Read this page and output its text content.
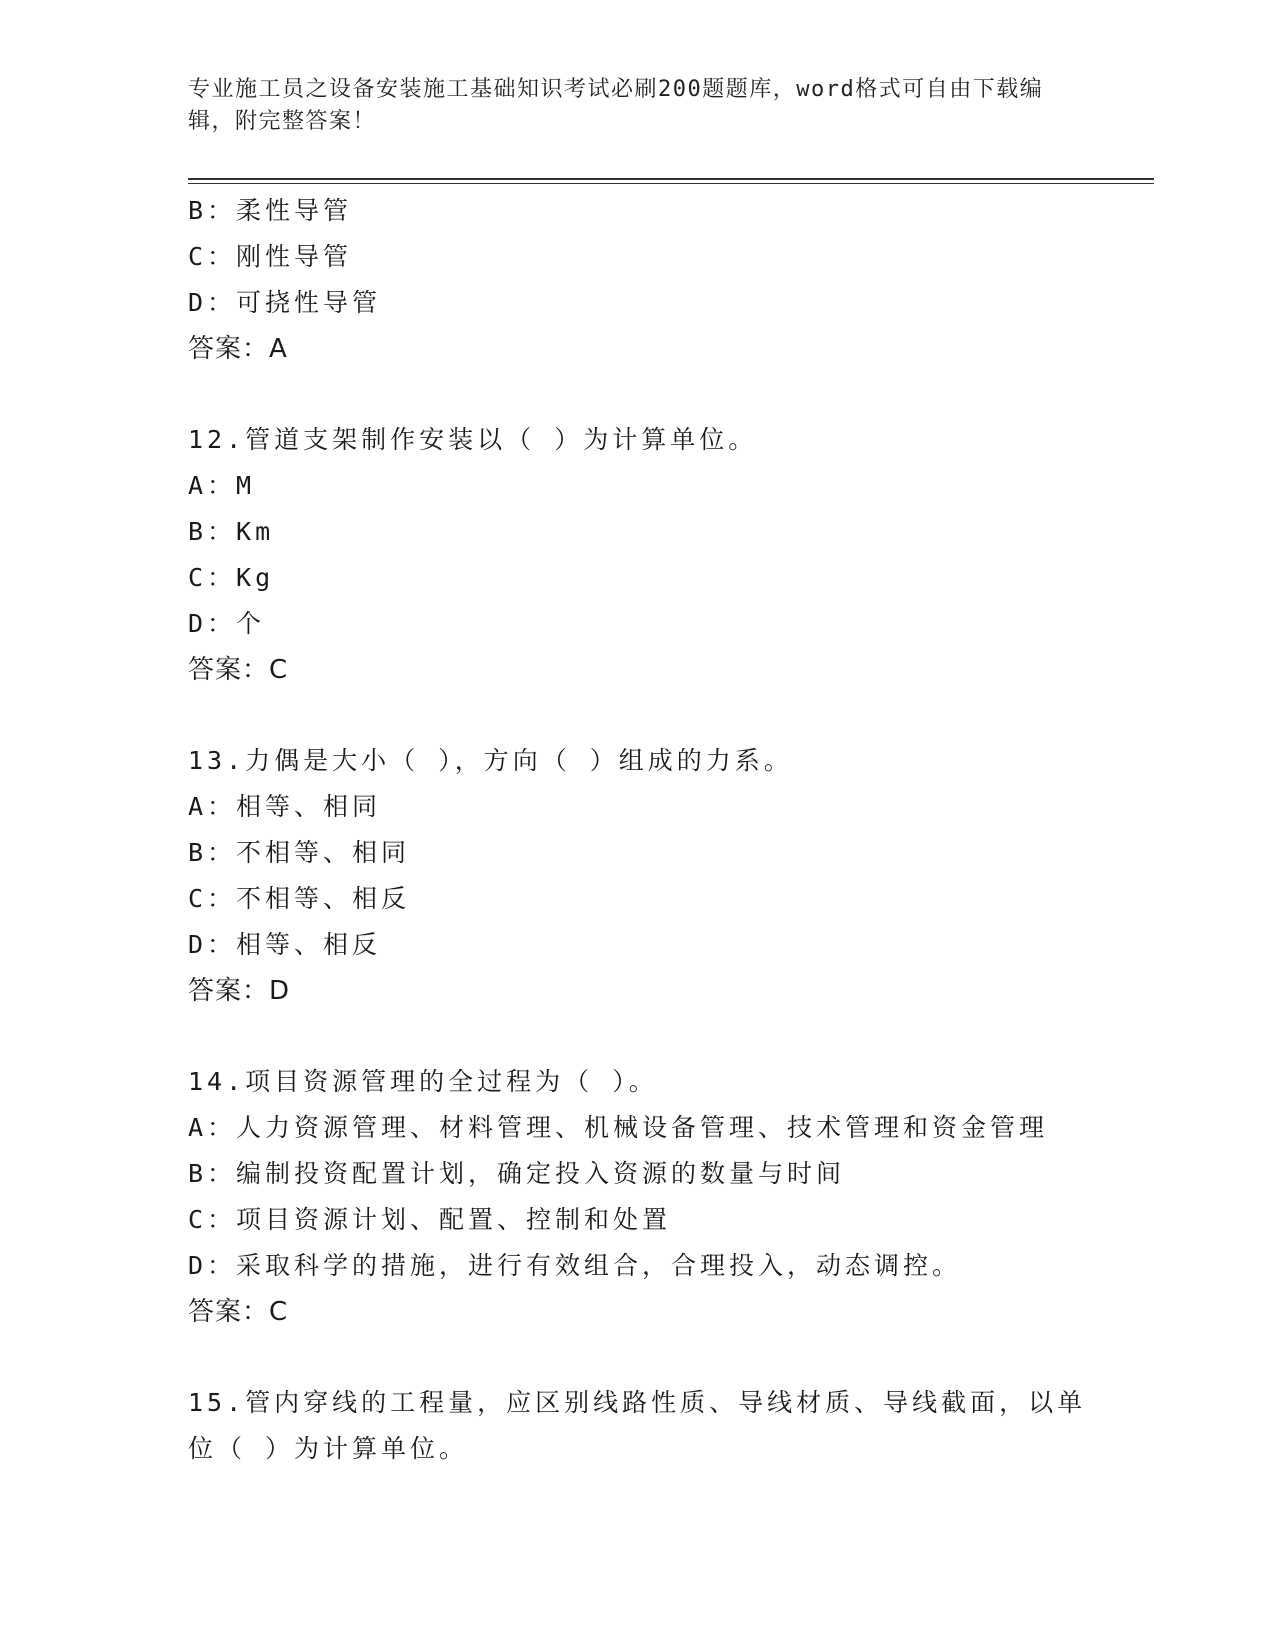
专业施工员之设备安装施工基础知识考试必刷200题题库，word格式可自由下载编辑，附完整答案！
B：柔性导管
C：刚性导管
D：可挠性导管
答案：A
12.管道支架制作安装以（ ）为计算单位。
A：M
B：Km
C：Kg
D：个
答案：C
13.力偶是大小（ ），方向（ ）组成的力系。
A：相等、相同
B：不相等、相同
C：不相等、相反
D：相等、相反
答案：D
14.项目资源管理的全过程为（ ）。
A：人力资源管理、材料管理、机械设备管理、技术管理和资金管理
B：编制投资配置计划，确定投入资源的数量与时间
C：项目资源计划、配置、控制和处置
D：采取科学的措施，进行有效组合，合理投入，动态调控。
答案：C
15.管内穿线的工程量，应区别线路性质、导线材质、导线截面，以单
位（ ）为计算单位。
